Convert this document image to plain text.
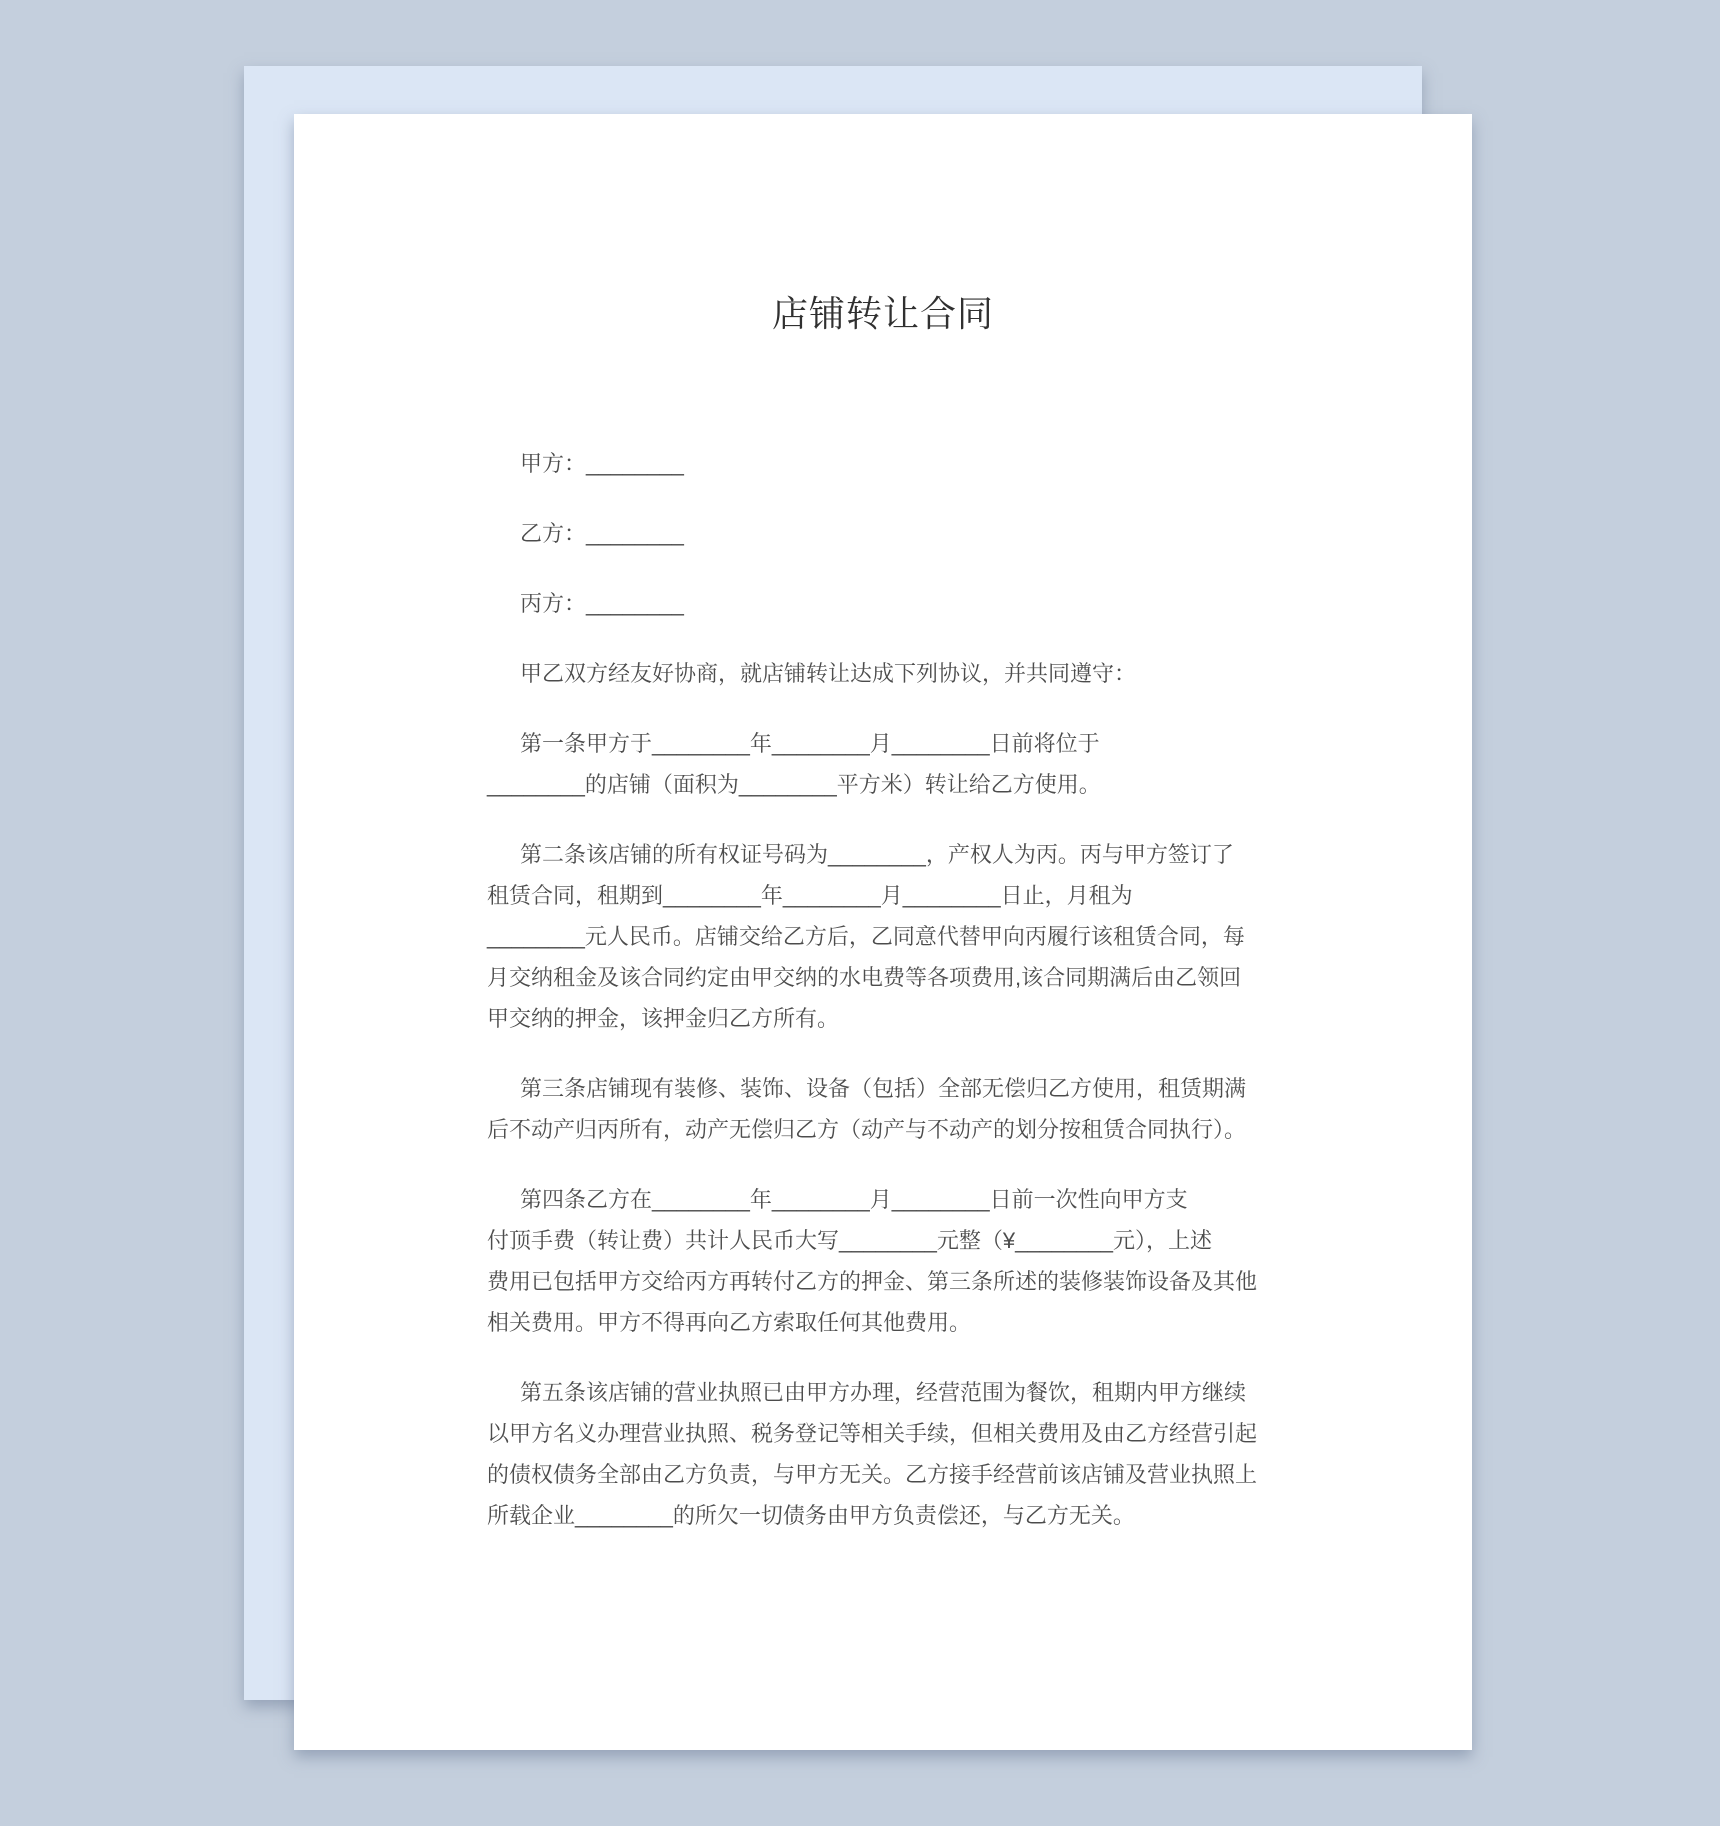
店铺转让合同
甲方：________
乙方：________
丙方：________
甲乙双方经友好协商，就店铺转让达成下列协议，并共同遵守：
第一条甲方于________年________月________日前将位于
________的店铺（面积为________平方米）转让给乙方使用。
第二条该店铺的所有权证号码为________，产权人为丙。丙与甲方签订了
租赁合同，租期到________年________月________日止，月租为
________元人民币。店铺交给乙方后，乙同意代替甲向丙履行该租赁合同，每
月交纳租金及该合同约定由甲交纳的水电费等各项费用,该合同期满后由乙领回
甲交纳的押金，该押金归乙方所有。
第三条店铺现有装修、装饰、设备（包括）全部无偿归乙方使用，租赁期满
后不动产归丙所有，动产无偿归乙方（动产与不动产的划分按租赁合同执行）。
第四条乙方在________年________月________日前一次性向甲方支
付顶手费（转让费）共计人民币大写________元整（¥________元），上述
费用已包括甲方交给丙方再转付乙方的押金、第三条所述的装修装饰设备及其他
相关费用。甲方不得再向乙方索取任何其他费用。
第五条该店铺的营业执照已由甲方办理，经营范围为餐饮，租期内甲方继续
以甲方名义办理营业执照、税务登记等相关手续，但相关费用及由乙方经营引起
的债权债务全部由乙方负责，与甲方无关。乙方接手经营前该店铺及营业执照上
所载企业________的所欠一切债务由甲方负责偿还，与乙方无关。
